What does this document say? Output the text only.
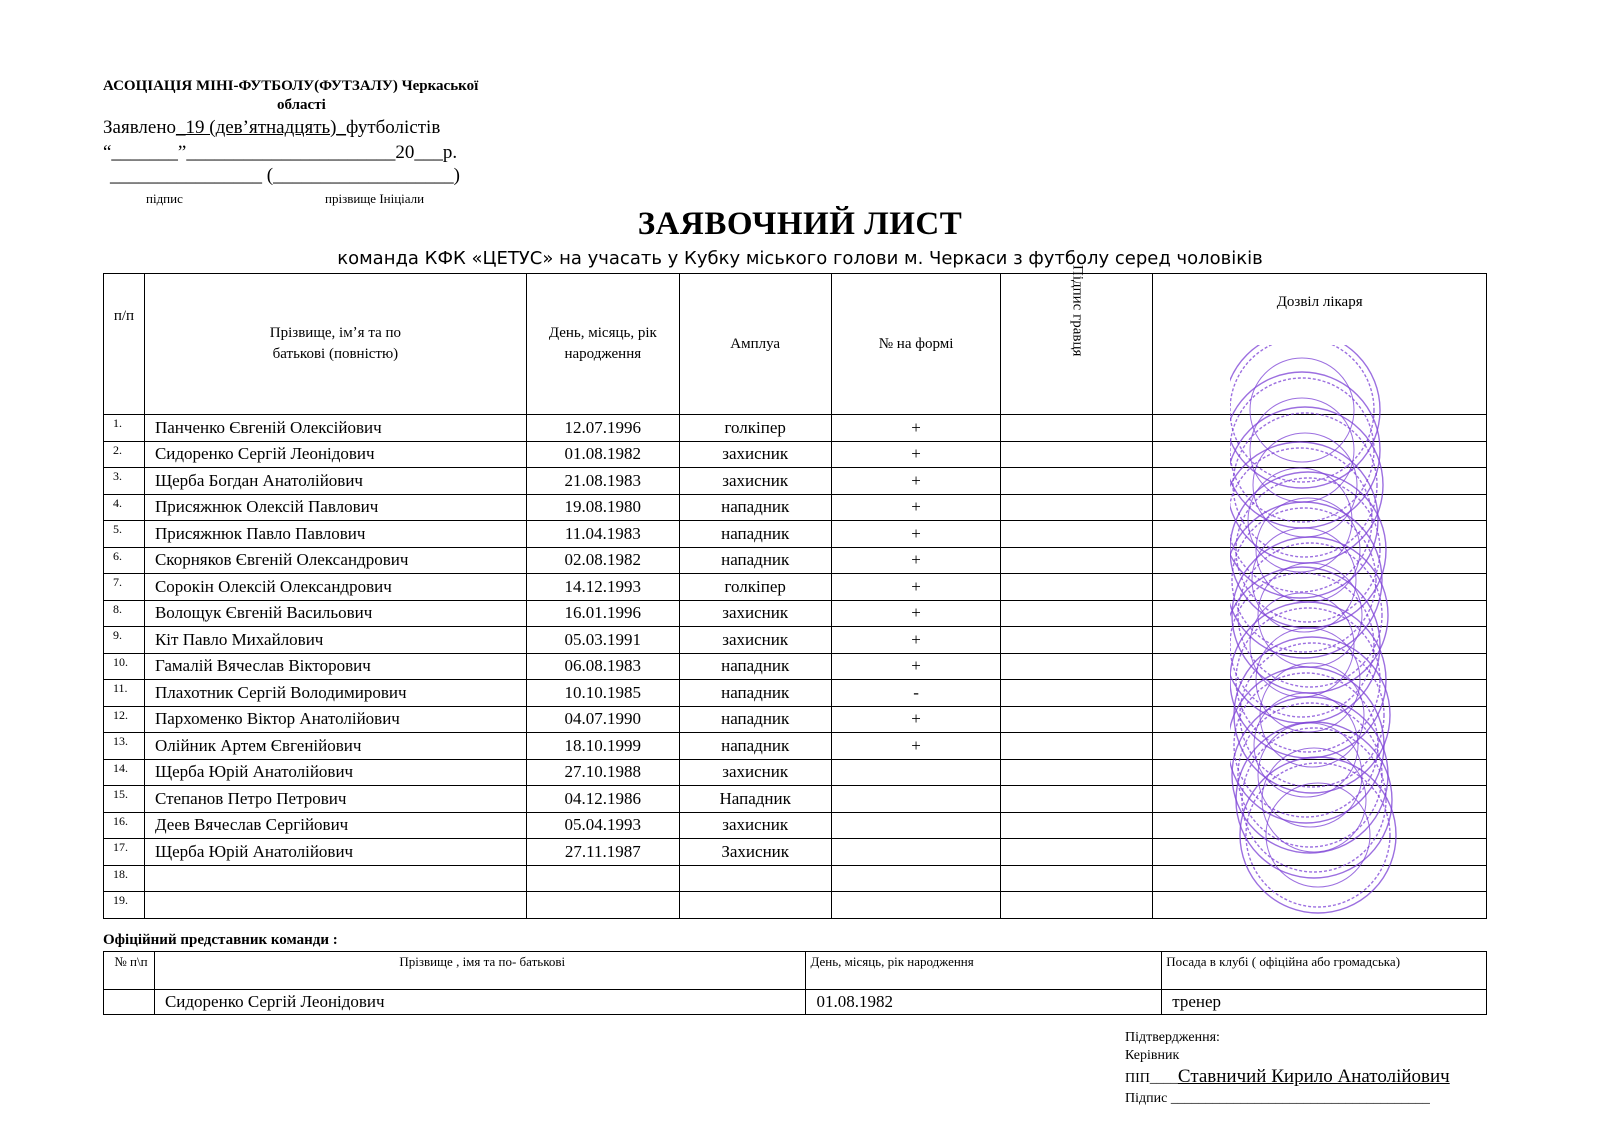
АСОЦІАЦІЯ МІНІ-ФУТБОЛУ(ФУТЗАЛУ) Черкаської
області
Заявлено_19 (дев’ятнадцять)_футболістів
“_______”______________________20___р.
________________ (___________________)
підпис	прізвище Ініціали
ЗАЯВОЧНИЙ ЛИСТ
команда КФК «ЦЕТУС» на учасать у Кубку міського голови м. Черкаси з футболу серед чоловіків
п/п	Прізвище, імʼя та по батькові (повністю)	День, місяць, рік народження	Амплуа	№ на формі	Підпис гравця	Дозвіл лікаря
1.	Панченко Євгеній Олексійович	12.07.1996	голкіпер	+		
2.	Сидоренко Сергій Леонідович	01.08.1982	захисник	+		
3.	Щерба Богдан Анатолійович	21.08.1983	захисник	+		
4.	Присяжнюк Олексій Павлович	19.08.1980	нападник	+		
5.	Присяжнюк Павло Павлович	11.04.1983	нападник	+		
6.	Скорняков Євгеній Олександрович	02.08.1982	нападник	+		
7.	Сорокін Олексій Олександрович	14.12.1993	голкіпер	+		
8.	Волощук Євгеній Васильович	16.01.1996	захисник	+		
9.	Кіт Павло Михайлович	05.03.1991	захисник	+		
10.	Гамалій Вячеслав Вікторович	06.08.1983	нападник	+		
11.	Плахотник Сергій Володимирович	10.10.1985	нападник	-		
12.	Пархоменко Віктор Анатолійович	04.07.1990	нападник	+		
13.	Олійник Артем Євгенійович	18.10.1999	нападник	+		
14.	Щерба Юрій Анатолійович	27.10.1988	захисник			
15.	Степанов Петро Петрович	04.12.1986	Нападник			
16.	Деев Вячеслав Сергійович	05.04.1993	захисник			
17.	Щерба Юрій Анатолійович	27.11.1987	Захисник			
18.						
19.						
Офіційний представник команди :
№ п\п	Прізвище , імя та по- батькові	День, місяць, рік народження	Посада в клубі ( офіційна або громадська)
	Сидоренко Сергій Леонідович	01.08.1982	тренер
Підтвердження:
Керівник
ПІП____Ставничий Кирило Анатолійович
Підпис _____________________________________
